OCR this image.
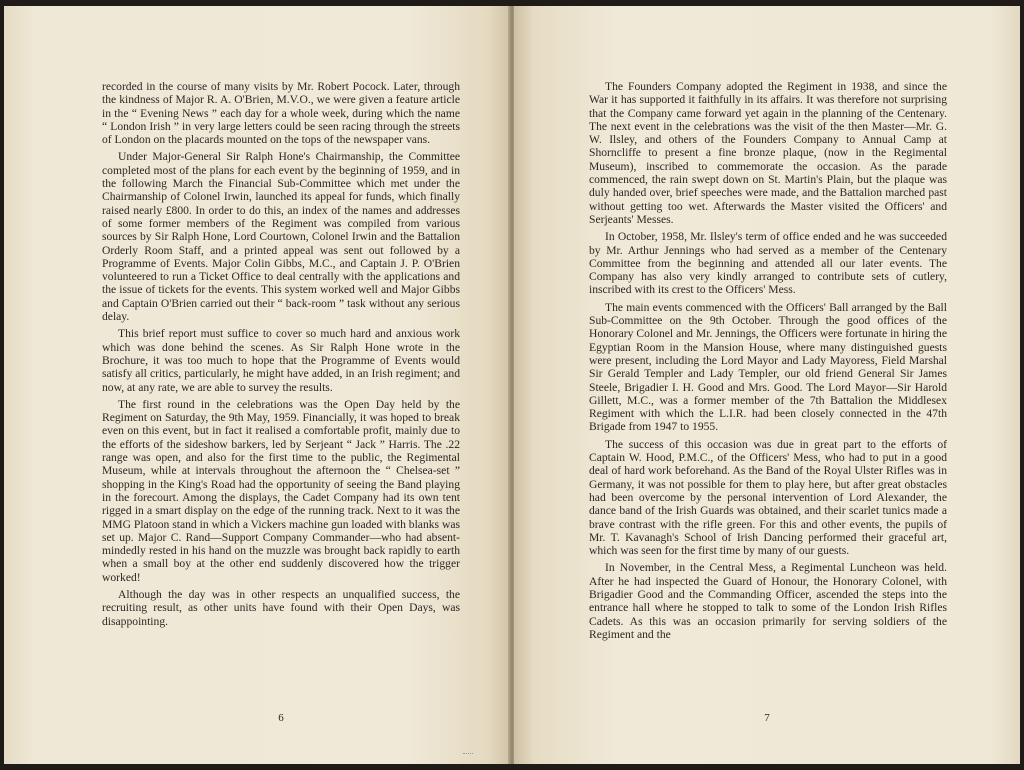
recorded in the course of many visits by Mr. Robert Pocock. Later, through the kindness of Major R. A. O'Brien, M.V.O., we were given a feature article in the “ Evening News ” each day for a whole week, during which the name “ London Irish ” in very large letters could be seen racing through the streets of London on the placards mounted on the tops of the newspaper vans.

Under Major-General Sir Ralph Hone's Chairmanship, the Committee completed most of the plans for each event by the beginning of 1959, and in the following March the Financial Sub-Committee which met under the Chairmanship of Colonel Irwin, launched its appeal for funds, which finally raised nearly £800. In order to do this, an index of the names and addresses of some former members of the Regiment was compiled from various sources by Sir Ralph Hone, Lord Courtown, Colonel Irwin and the Battalion Orderly Room Staff, and a printed appeal was sent out followed by a Programme of Events. Major Colin Gibbs, M.C., and Captain J. P. O'Brien volunteered to run a Ticket Office to deal centrally with the applications and the issue of tickets for the events. This system worked well and Major Gibbs and Captain O'Brien carried out their “ back-room ” task without any serious delay.

This brief report must suffice to cover so much hard and anxious work which was done behind the scenes. As Sir Ralph Hone wrote in the Brochure, it was too much to hope that the Programme of Events would satisfy all critics, particularly, he might have added, in an Irish regiment; and now, at any rate, we are able to survey the results.

The first round in the celebrations was the Open Day held by the Regiment on Saturday, the 9th May, 1959. Financially, it was hoped to break even on this event, but in fact it realised a comfortable profit, mainly due to the efforts of the sideshow barkers, led by Serjeant “ Jack ” Harris. The .22 range was open, and also for the first time to the public, the Regimental Museum, while at intervals throughout the afternoon the “ Chelsea-set ” shopping in the King's Road had the opportunity of seeing the Band playing in the forecourt. Among the displays, the Cadet Company had its own tent rigged in a smart display on the edge of the running track. Next to it was the MMG Platoon stand in which a Vickers machine gun loaded with blanks was set up. Major C. Rand—Support Company Commander—who had absent-mindedly rested in his hand on the muzzle was brought back rapidly to earth when a small boy at the other end suddenly discovered how the trigger worked!

Although the day was in other respects an unqualified success, the recruiting result, as other units have found with their Open Days, was disappointing.

6

The Founders Company adopted the Regiment in 1938, and since the War it has supported it faithfully in its affairs. It was therefore not surprising that the Company came forward yet again in the planning of the Centenary. The next event in the celebrations was the visit of the then Master—Mr. G. W. Ilsley, and others of the Founders Company to Annual Camp at Shorncliffe to present a fine bronze plaque, (now in the Regimental Museum), inscribed to commemorate the occasion. As the parade commenced, the rain swept down on St. Martin's Plain, but the plaque was duly handed over, brief speeches were made, and the Battalion marched past without getting too wet. Afterwards the Master visited the Officers' and Serjeants' Messes.

In October, 1958, Mr. Ilsley's term of office ended and he was succeeded by Mr. Arthur Jennings who had served as a member of the Centenary Committee from the beginning and attended all our later events. The Company has also very kindly arranged to contribute sets of cutlery, inscribed with its crest to the Officers' Mess.

The main events commenced with the Officers' Ball arranged by the Ball Sub-Committee on the 9th October. Through the good offices of the Honorary Colonel and Mr. Jennings, the Officers were fortunate in hiring the Egyptian Room in the Mansion House, where many distinguished guests were present, including the Lord Mayor and Lady Mayoress, Field Marshal Sir Gerald Templer and Lady Templer, our old friend General Sir James Steele, Brigadier I. H. Good and Mrs. Good. The Lord Mayor—Sir Harold Gillett, M.C., was a former member of the 7th Battalion the Middlesex Regiment with which the L.I.R. had been closely connected in the 47th Brigade from 1947 to 1955.

The success of this occasion was due in great part to the efforts of Captain W. Hood, P.M.C., of the Officers' Mess, who had to put in a good deal of hard work beforehand. As the Band of the Royal Ulster Rifles was in Germany, it was not possible for them to play here, but after great obstacles had been overcome by the personal intervention of Lord Alexander, the dance band of the Irish Guards was obtained, and their scarlet tunics made a brave contrast with the rifle green. For this and other events, the pupils of Mr. T. Kavanagh's School of Irish Dancing performed their graceful art, which was seen for the first time by many of our guests.

In November, in the Central Mess, a Regimental Luncheon was held. After he had inspected the Guard of Honour, the Honorary Colonel, with Brigadier Good and the Commanding Officer, ascended the steps into the entrance hall where he stopped to talk to some of the London Irish Rifles Cadets. As this was an occasion primarily for serving soldiers of the Regiment and the

7
